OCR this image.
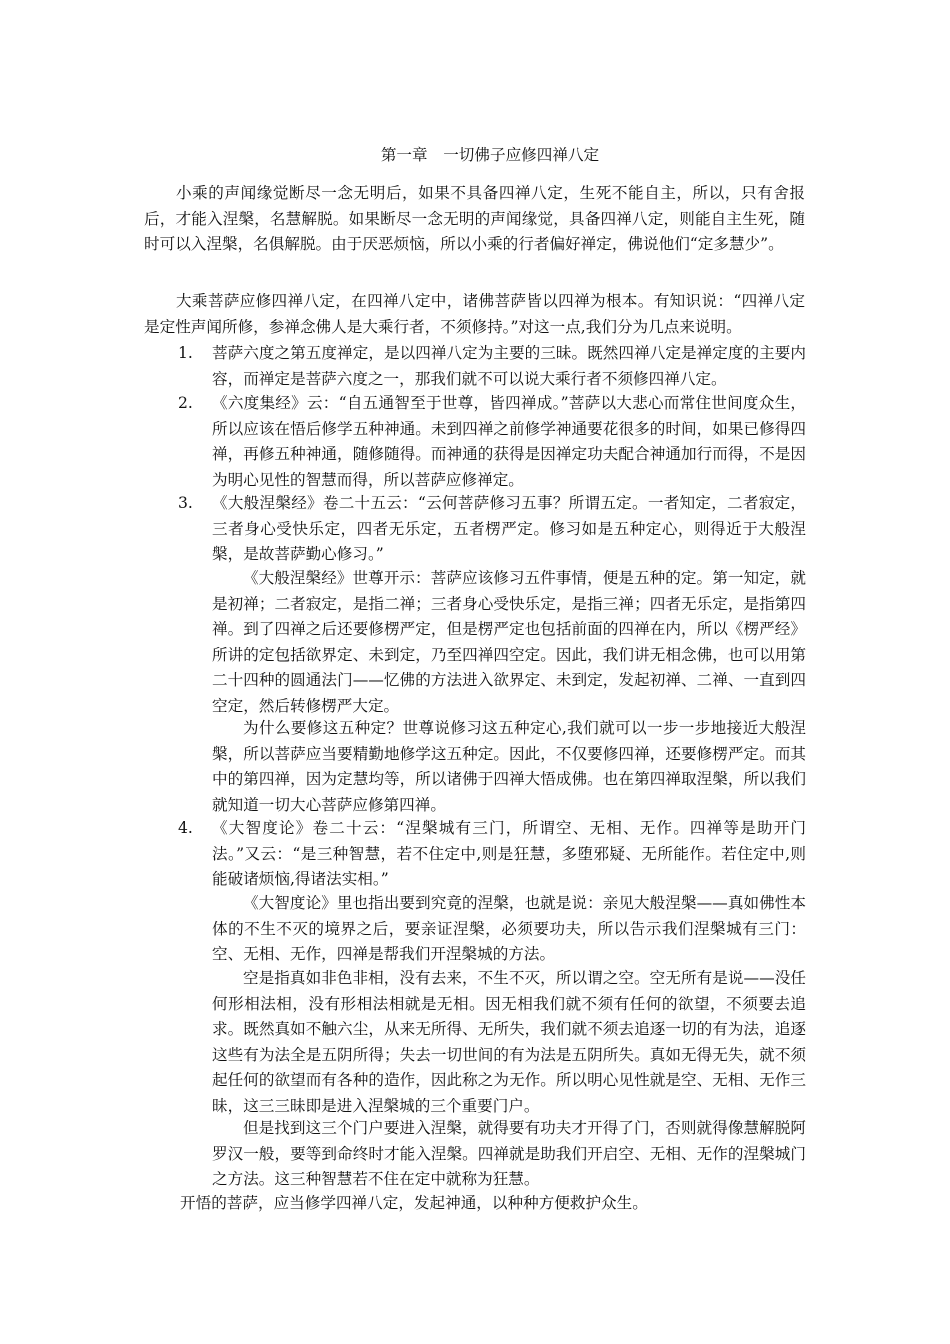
第一章　一切佛子应修四禅八定
小乘的声闻缘觉断尽一念无明后，如果不具备四禅八定，生死不能自主，所以，只有舍报后，才能入涅槃，名慧解脱。如果断尽一念无明的声闻缘觉，具备四禅八定，则能自主生死，随时可以入涅槃，名俱解脱。由于厌恶烦恼，所以小乘的行者偏好禅定，佛说他们“定多慧少”。
大乘菩萨应修四禅八定，在四禅八定中，诸佛菩萨皆以四禅为根本。有知识说：“四禅八定是定性声闻所修，参禅念佛人是大乘行者，不须修持。”对这一点,我们分为几点来说明。
1.	菩萨六度之第五度禅定，是以四禅八定为主要的三昧。既然四禅八定是禅定度的主要内容，而禅定是菩萨六度之一，那我们就不可以说大乘行者不须修四禅八定。
2.	《六度集经》云：“自五通智至于世尊，皆四禅成。”菩萨以大悲心而常住世间度众生，所以应该在悟后修学五种神通。未到四禅之前修学神通要花很多的时间，如果已修得四禅，再修五种神通，随修随得。而神通的获得是因禅定功夫配合神通加行而得，不是因为明心见性的智慧而得，所以菩萨应修禅定。
3.	《大般涅槃经》卷二十五云：“云何菩萨修习五事？所谓五定。一者知定，二者寂定，三者身心受快乐定，四者无乐定，五者楞严定。修习如是五种定心，则得近于大般涅槃，是故菩萨勤心修习。”
《大般涅槃经》世尊开示：菩萨应该修习五件事情，便是五种的定。第一知定，就是初禅；二者寂定，是指二禅；三者身心受快乐定，是指三禅；四者无乐定，是指第四禅。到了四禅之后还要修楞严定，但是楞严定也包括前面的四禅在内，所以《楞严经》所讲的定包括欲界定、未到定，乃至四禅四空定。因此，我们讲无相念佛，也可以用第二十四种的圆通法门——忆佛的方法进入欲界定、未到定，发起初禅、二禅、一直到四空定，然后转修楞严大定。
为什么要修这五种定？世尊说修习这五种定心,我们就可以一步一步地接近大般涅槃，所以菩萨应当要精勤地修学这五种定。因此，不仅要修四禅，还要修楞严定。而其中的第四禅，因为定慧均等，所以诸佛于四禅大悟成佛。也在第四禅取涅槃，所以我们就知道一切大心菩萨应修第四禅。
4.	《大智度论》卷二十云：“涅槃城有三门，所谓空、无相、无作。四禅等是助开门法。”又云：“是三种智慧，若不住定中,则是狂慧，多堕邪疑、无所能作。若住定中,则能破诸烦恼,得诸法实相。”
《大智度论》里也指出要到究竟的涅槃，也就是说：亲见大般涅槃——真如佛性本体的不生不灭的境界之后，要亲证涅槃，必须要功夫，所以告示我们涅槃城有三门：空、无相、无作，四禅是帮我们开涅槃城的方法。
空是指真如非色非相，没有去来，不生不灭，所以谓之空。空无所有是说——没任何形相法相，没有形相法相就是无相。因无相我们就不须有任何的欲望，不须要去追求。既然真如不触六尘，从来无所得、无所失，我们就不须去追逐一切的有为法，追逐这些有为法全是五阴所得；失去一切世间的有为法是五阴所失。真如无得无失，就不须起任何的欲望而有各种的造作，因此称之为无作。所以明心见性就是空、无相、无作三昧，这三三昧即是进入涅槃城的三个重要门户。
但是找到这三个门户要进入涅槃，就得要有功夫才开得了门，否则就得像慧解脱阿罗汉一般，要等到命终时才能入涅槃。四禅就是助我们开启空、无相、无作的涅槃城门之方法。这三种智慧若不住在定中就称为狂慧。
开悟的菩萨，应当修学四禅八定，发起神通，以种种方便救护众生。
